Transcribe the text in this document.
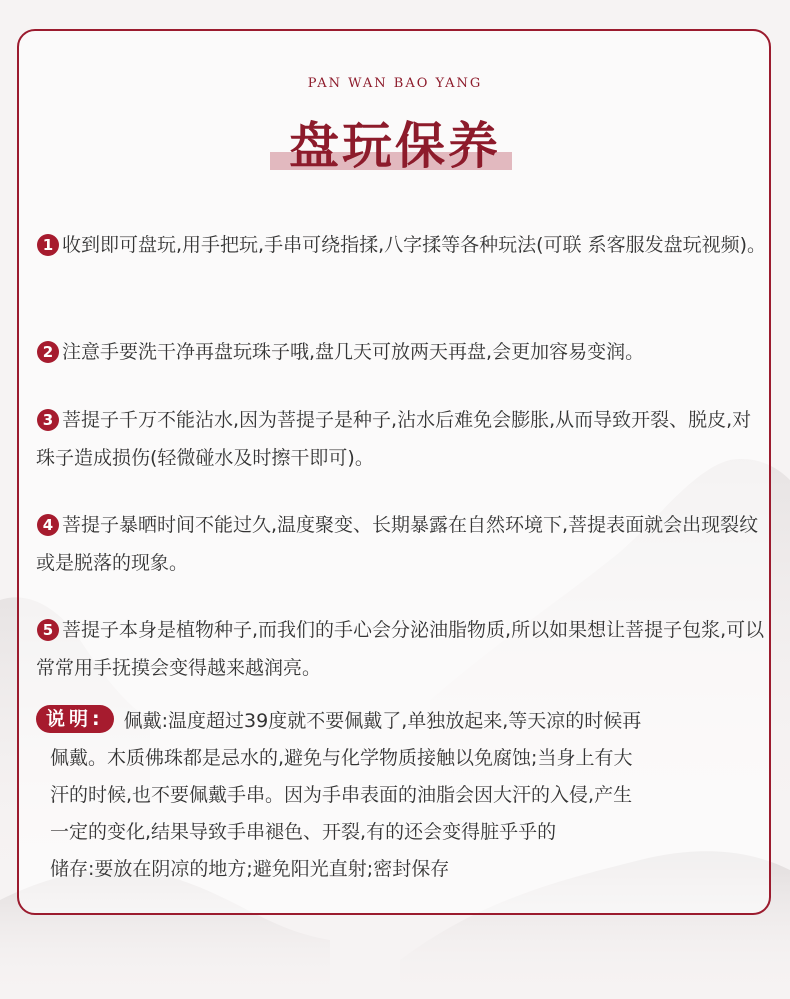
PAN WAN BAO YANG
盘玩保养
1 收到即可盘玩,用手把玩,手串可绕指揉,八字揉等各种玩法(可联 系客服发盘玩视频)。
2 注意手要洗干净再盘玩珠子哦,盘几天可放两天再盘,会更加容易变润。
3 菩提子千万不能沾水,因为菩提子是种子,沾水后难免会膨胀,从而导致开裂、脱皮,对珠子造成损伤(轻微碰水及时擦干即可)。
4 菩提子暴晒时间不能过久,温度聚变、长期暴露在自然环境下,菩提表面就会出现裂纹或是脱落的现象。
5 菩提子本身是植物种子,而我们的手心会分泌油脂物质,所以如果想让菩提子包浆,可以常常用手抚摸会变得越来越润亮。
说明: 佩戴:温度超过39度就不要佩戴了,单独放起来,等天凉的时候再
佩戴。木质佛珠都是忌水的,避免与化学物质接触以免腐蚀;当身上有大
汗的时候,也不要佩戴手串。因为手串表面的油脂会因大汗的入侵,产生
一定的变化,结果导致手串褪色、开裂,有的还会变得脏乎乎的
储存:要放在阴凉的地方;避免阳光直射;密封保存
